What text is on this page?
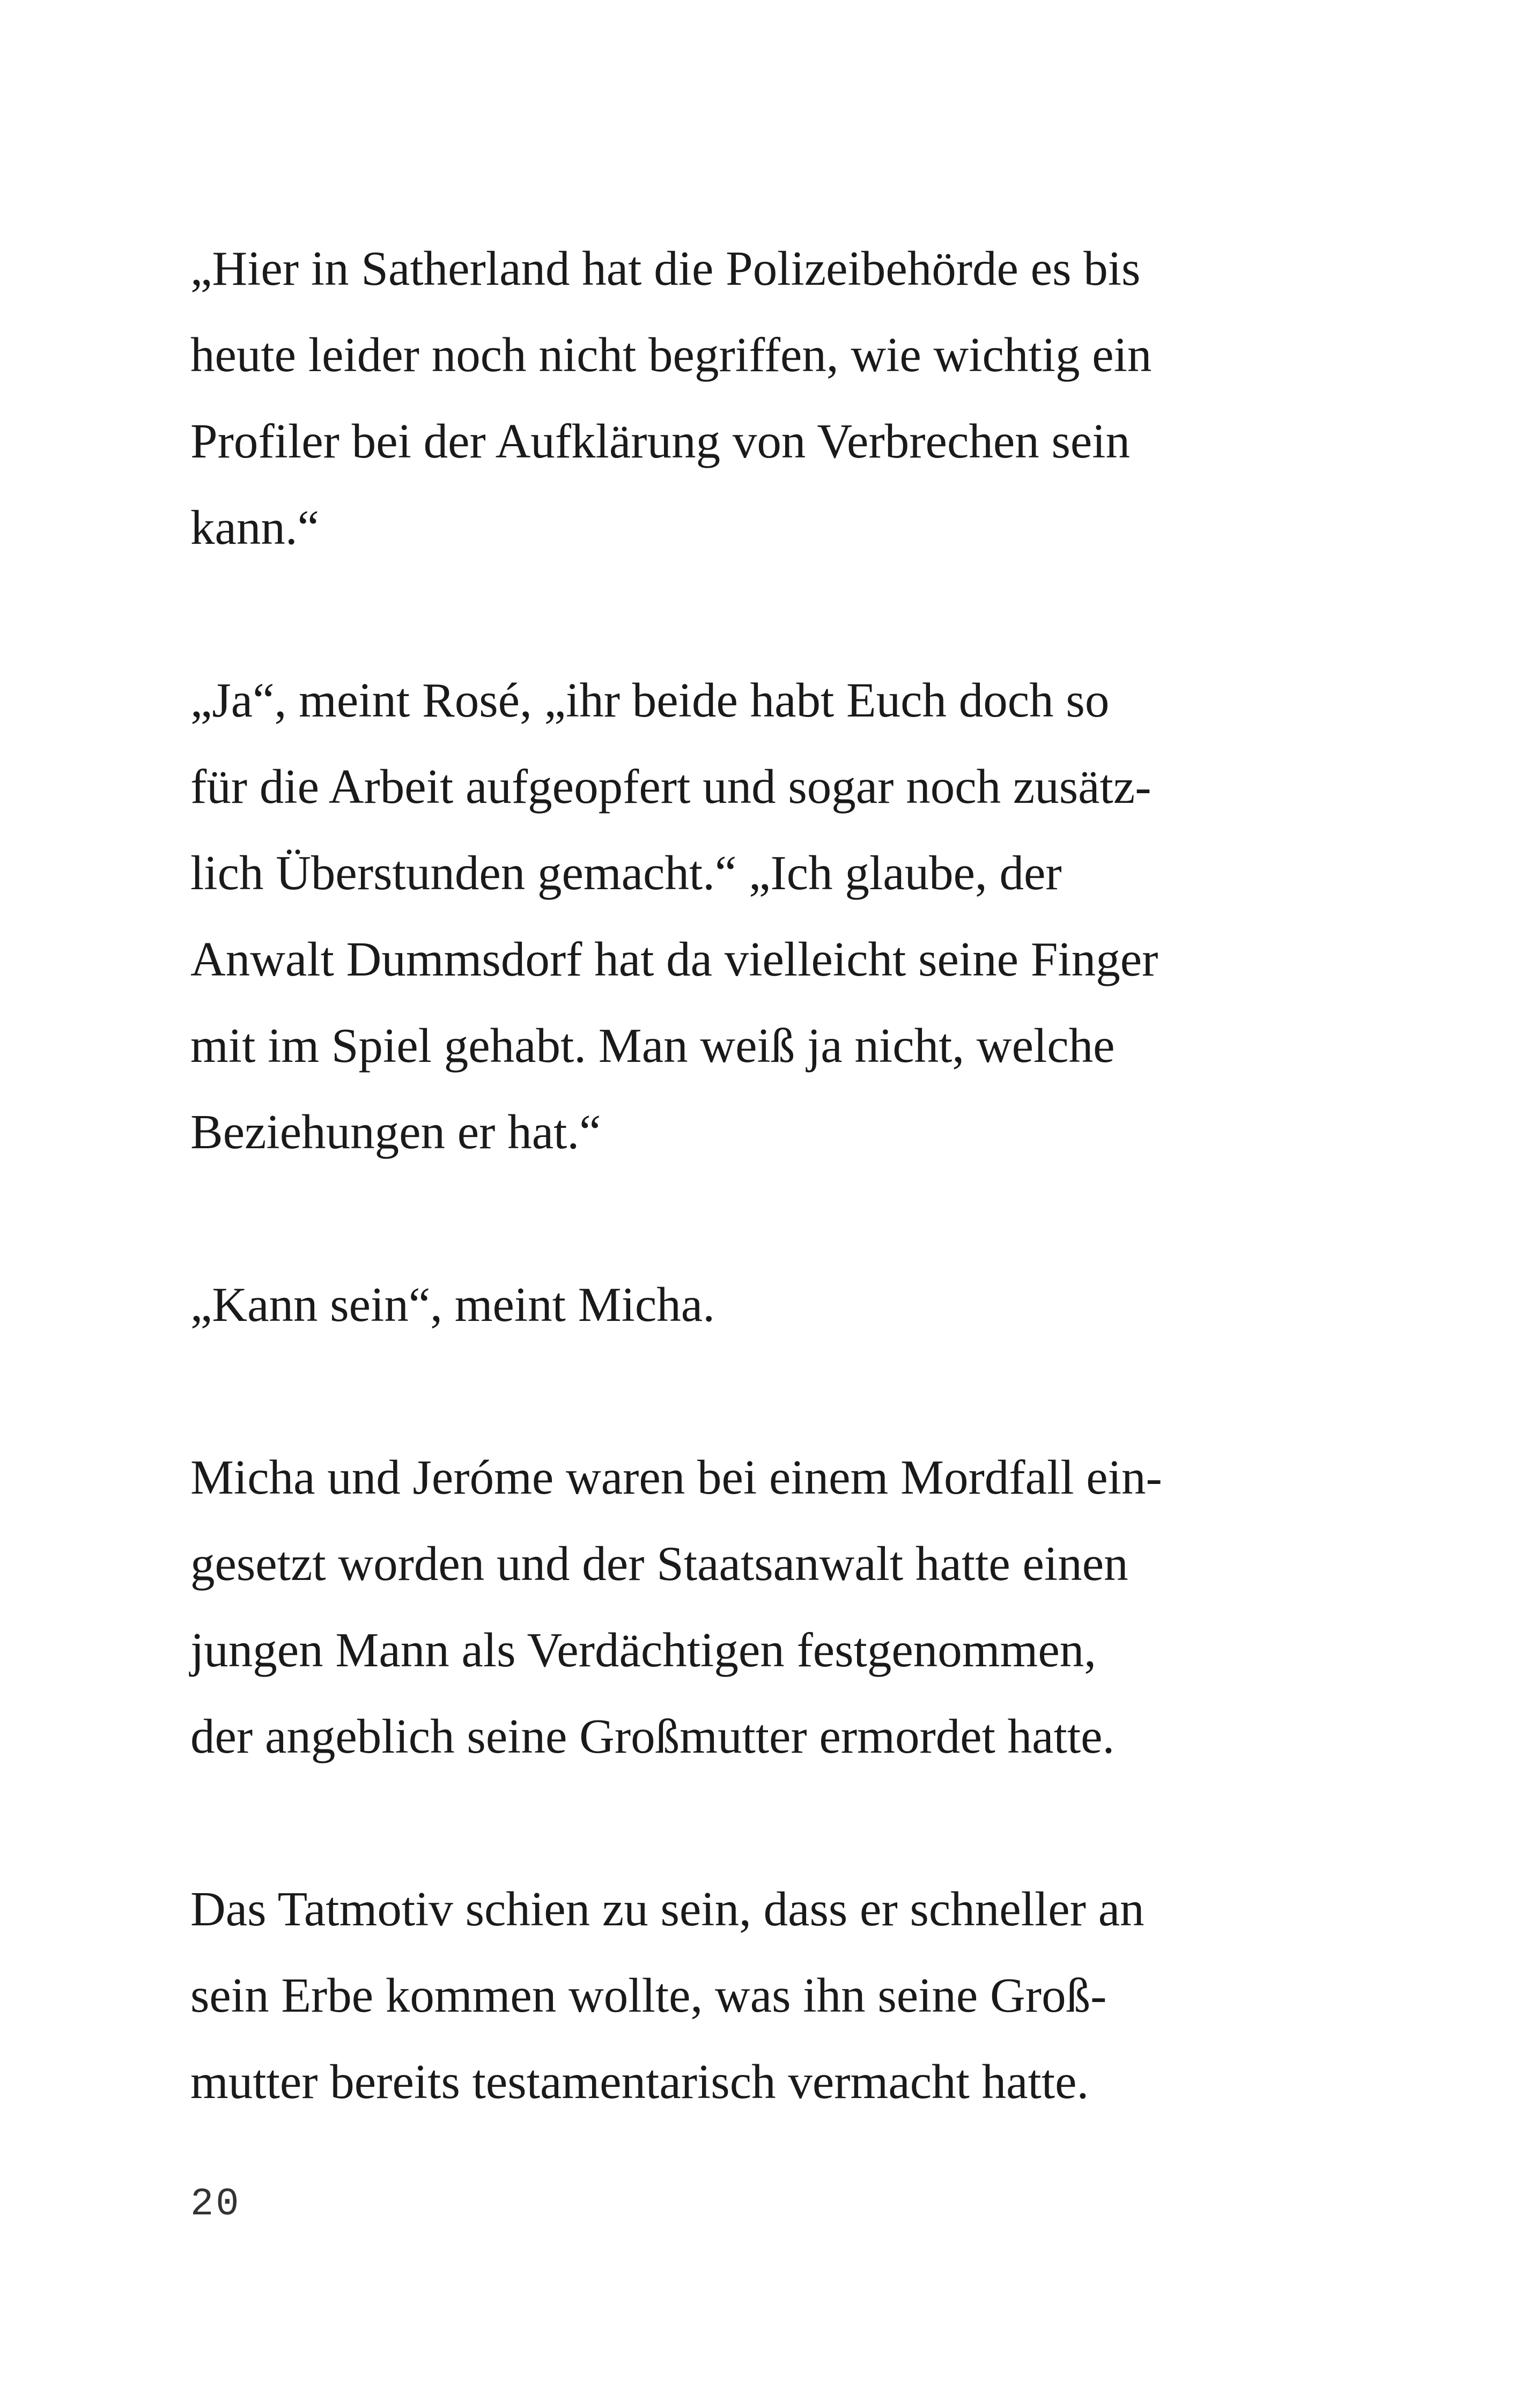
„Hier in Satherland hat die Polizeibehörde es bis
heute leider noch nicht begriffen, wie wichtig ein
Profiler bei der Aufklärung von Verbrechen sein
kann.“
„Ja“, meint Rosé, „ihr beide habt Euch doch so
für die Arbeit aufgeopfert und sogar noch zusätz-
lich Überstunden gemacht.“ „Ich glaube, der
Anwalt Dummsdorf hat da vielleicht seine Finger
mit im Spiel gehabt. Man weiß ja nicht, welche
Beziehungen er hat.“
„Kann sein“, meint Micha.
Micha und Jeróme waren bei einem Mordfall ein-
gesetzt worden und der Staatsanwalt hatte einen
jungen Mann als Verdächtigen festgenommen,
der angeblich seine Großmutter ermordet hatte.
Das Tatmotiv schien zu sein, dass er schneller an
sein Erbe kommen wollte, was ihn seine Groß-
mutter bereits testamentarisch vermacht hatte.
20
